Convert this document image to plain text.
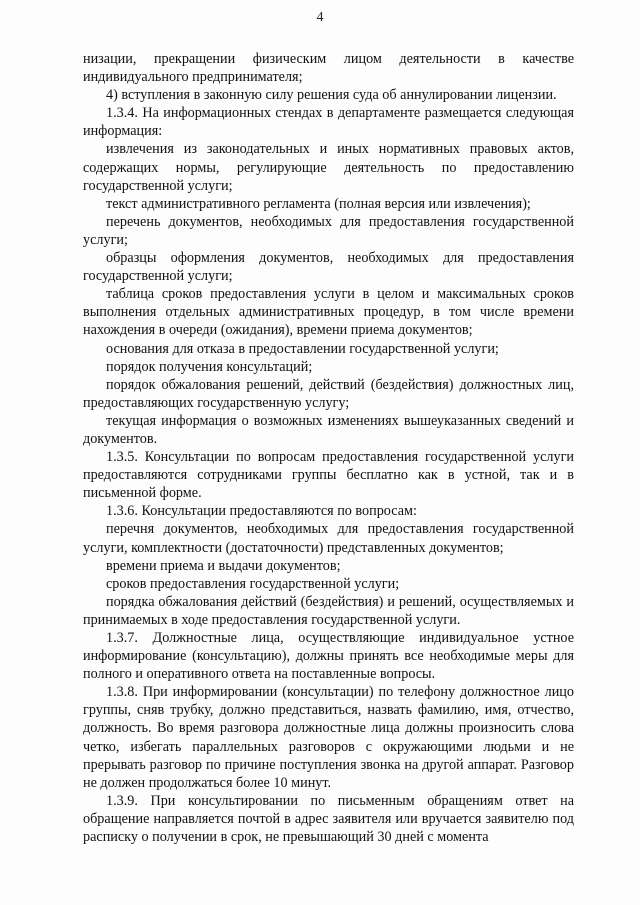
4

низации, прекращении физическим лицом деятельности в качестве индивидуального предпринимателя;

4) вступления в законную силу решения суда об аннулировании лицензии.

1.3.4. На информационных стендах в департаменте размещается следующая информация:

извлечения из законодательных и иных нормативных правовых актов, содержащих нормы, регулирующие деятельность по предоставлению государственной услуги;

текст административного регламента (полная версия или извлечения);

перечень документов, необходимых для предоставления государственной услуги;

образцы оформления документов, необходимых для предоставления государственной услуги;

таблица сроков предоставления услуги в целом и максимальных сроков выполнения отдельных административных процедур, в том числе времени нахождения в очереди (ожидания), времени приема документов;

основания для отказа в предоставлении государственной услуги;

порядок получения консультаций;

порядок обжалования решений, действий (бездействия) должностных лиц, предоставляющих государственную услугу;

текущая информация о возможных изменениях вышеуказанных сведений и документов.

1.3.5. Консультации по вопросам предоставления государственной услуги предоставляются сотрудниками группы бесплатно как в устной, так и в письменной форме.

1.3.6. Консультации предоставляются по вопросам:

перечня документов, необходимых для предоставления государственной услуги, комплектности (достаточности) представленных документов;

времени приема и выдачи документов;

сроков предоставления государственной услуги;

порядка обжалования действий (бездействия) и решений, осуществляемых и принимаемых в ходе предоставления государственной услуги.

1.3.7. Должностные лица, осуществляющие индивидуальное устное информирование (консультацию), должны принять все необходимые меры для полного и оперативного ответа на поставленные вопросы.

1.3.8. При информировании (консультации) по телефону должностное лицо группы, сняв трубку, должно представиться, назвать фамилию, имя, отчество, должность. Во время разговора должностные лица должны произносить слова четко, избегать параллельных разговоров с окружающими людьми и не прерывать разговор по причине поступления звонка на другой аппарат. Разговор не должен продолжаться более 10 минут.

1.3.9. При консультировании по письменным обращениям ответ на обращение направляется почтой в адрес заявителя или вручается заявителю под расписку о получении в срок, не превышающий 30 дней с момента
